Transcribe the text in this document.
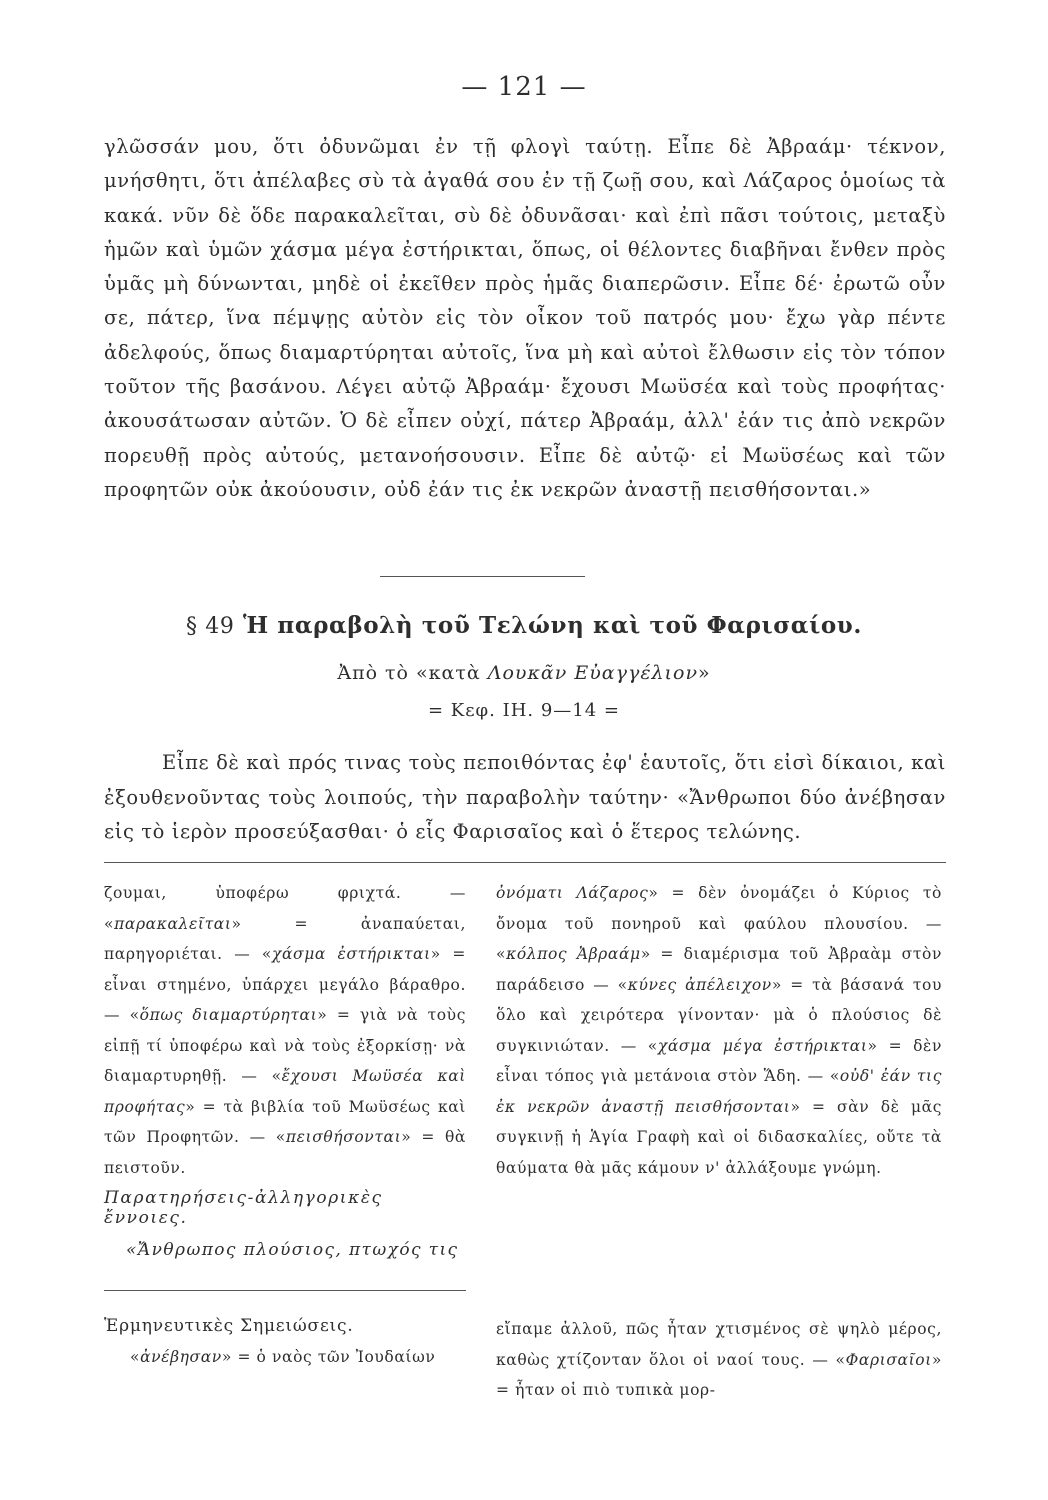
— 121 —

γλῶσσάν μου, ὅτι ὀδυνῶμαι ἐν τῇ φλογὶ ταύτῃ. Εἶπε δὲ Ἀβραάμ· τέκνον, μνήσθητι, ὅτι ἀπέλαβες σὺ τὰ ἀγαθά σου ἐν τῇ ζωῇ σου, καὶ Λάζαρος ὁμοίως τὰ κακά. νῦν δὲ ὅδε παρακαλεῖται, σὺ δὲ ὀδυνᾶσαι· καὶ ἐπὶ πᾶσι τούτοις, μεταξὺ ἡμῶν καὶ ὑμῶν χάσμα μέγα ἐστήρικται, ὅπως, οἱ θέλοντες διαβῆναι ἔνθεν πρὸς ὑμᾶς μὴ δύνωνται, μηδὲ οἱ ἐκεῖθεν πρὸς ἡμᾶς διαπερῶσιν. Εἶπε δέ· ἐρωτῶ οὖν σε, πάτερ, ἵνα πέμψῃς αὐτὸν εἰς τὸν οἶκον τοῦ πατρός μου· ἔχω γὰρ πέντε ἀδελφούς, ὅπως διαμαρτύρηται αὐτοῖς, ἵνα μὴ καὶ αὐτοὶ ἔλθωσιν εἰς τὸν τόπον τοῦτον τῆς βασάνου. Λέγει αὐτῷ Ἀβραάμ· ἔχουσι Μωϋσέα καὶ τοὺς προφήτας· ἀκουσάτωσαν αὐτῶν. Ὁ δὲ εἶπεν οὐχί, πάτερ Ἀβραάμ, ἀλλ' ἐάν τις ἀπὸ νεκρῶν πορευθῇ πρὸς αὐτούς, μετανοήσουσιν. Εἶπε δὲ αὐτῷ· εἰ Μωϋσέως καὶ τῶν προφητῶν οὐκ ἀκούουσιν, οὐδ ἐάν τις ἐκ νεκρῶν ἀναστῇ πεισθήσονται.»

§ 49 Ἡ παραβολὴ τοῦ Τελώνη καὶ τοῦ Φαρισαίου.
Ἀπὸ τὸ «κατὰ Λουκᾶν Εὐαγγέλιον»
= Κεφ. ΙΗ. 9—14 =
Εἶπε δὲ καὶ πρός τινας τοὺς πεποιθόντας ἐφ' ἑαυτοῖς, ὅτι εἰσὶ δίκαιοι, καὶ ἐξουθενοῦντας τοὺς λοιπούς, τὴν παραβολὴν ταύτην· «Ἄνθρωποι δύο ἀνέβησαν εἰς τὸ ἱερὸν προσεύξασθαι· ὁ εἷς Φαρισαῖος καὶ ὁ ἕτερος τελώνης.

ζουμαι, ὑποφέρω φριχτά. — «παρακαλεῖται» = ἀναπαύεται, παρηγοριέται. — «χάσμα ἐστήρικται» = εἶναι στημένο, ὑπάρχει μεγάλο βάραθρο. — «ὅπως διαμαρτύρηται» = γιὰ νὰ τοὺς εἰπῇ τί ὑποφέρω καὶ νὰ τοὺς ἐξορκίσῃ· νὰ διαμαρτυρηθῇ. — «ἔχουσι Μωϋσέα καὶ προφήτας» = τὰ βιβλία τοῦ Μωϋσέως καὶ τῶν Προφητῶν. — «πεισθήσονται» = θὰ πειστοῦν.

ὀνόματι Λάζαρος» = δὲν ὀνομάζει ὁ Κύριος τὸ ὄνομα τοῦ πονηροῦ καὶ φαύλου πλουσίου. — «κόλπος Ἀβραάμ» = διαμέρισμα τοῦ Ἀβραὰμ στὸν παράδεισο — «κύνες ἀπέλειχον» = τὰ βάσανά του ὅλο καὶ χειρότερα γίνονταν· μὰ ὁ πλούσιος δὲ συγκινιώταν. — «χάσμα μέγα ἐστήρικται» = δὲν εἶναι τόπος γιὰ μετάνοια στὸν Ἅδη. — «οὐδ' ἐάν τις ἐκ νεκρῶν ἀναστῇ πεισθήσονται» = σὰν δὲ μᾶς συγκινῇ ἡ Ἁγία Γραφὴ καὶ οἱ διδασκαλίες, οὔτε τὰ θαύματα θὰ μᾶς κάμουν ν' ἀλλάξουμε γνώμη.

Παρατηρήσεις-ἀλληγορικὲς ἔννοιες.
«Ἄνθρωπος πλούσιος, πτωχός τις
Ἑρμηνευτικὲς Σημειώσεις.
«ἀνέβησαν» = ὁ ναὸς τῶν Ἰουδαίων

εἴπαμε ἀλλοῦ, πῶς ἦταν χτισμένος σὲ ψηλὸ μέρος, καθὼς χτίζονταν ὅλοι οἱ ναοί τους. — «Φαρισαῖοι» = ἦταν οἱ πιὸ τυπικὰ μορ-
